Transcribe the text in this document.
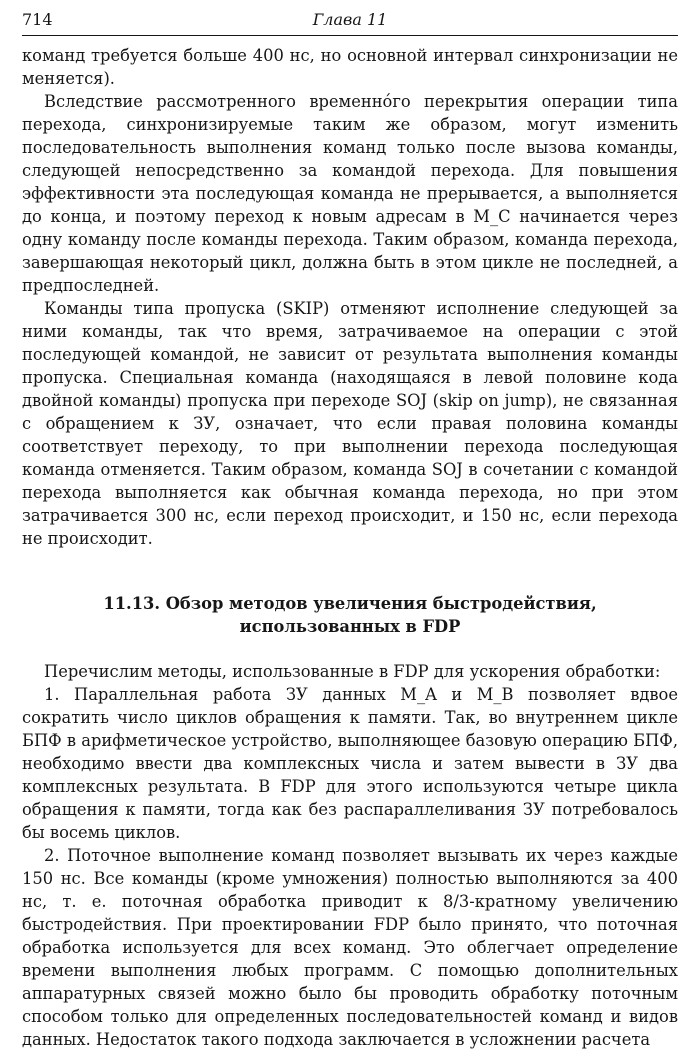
714	Глава 11

команд требуется больше 400 нс, но основной интервал синхронизации не меняется).

Вследствие рассмотренного временнóго перекрытия операции типа перехода, синхронизируемые таким же образом, могут изменить последовательность выполнения команд только после вызова команды, следующей непосредственно за командой перехода. Для повышения эффективности эта последующая команда не прерывается, а выполняется до конца, и поэтому переход к новым адресам в M_C начинается через одну команду после команды перехода. Таким образом, команда перехода, завершающая некоторый цикл, должна быть в этом цикле не последней, а предпоследней.

Команды типа пропуска (SKIP) отменяют исполнение следующей за ними команды, так что время, затрачиваемое на операции с этой последующей командой, не зависит от результата выполнения команды пропуска. Специальная команда (находящаяся в левой половине кода двойной команды) пропуска при переходе SOJ (skip on jump), не связанная с обращением к ЗУ, означает, что если правая половина команды соответствует переходу, то при выполнении перехода последующая команда отменяется. Таким образом, команда SOJ в сочетании с командой перехода выполняется как обычная команда перехода, но при этом затрачивается 300 нс, если переход происходит, и 150 нс, если перехода не происходит.

11.13. Обзор методов увеличения быстродействия,
использованных в FDP

Перечислим методы, использованные в FDP для ускорения обработки:

1. Параллельная работа ЗУ данных M_A и M_B позволяет вдвое сократить число циклов обращения к памяти. Так, во внутреннем цикле БПФ в арифметическое устройство, выполняющее базовую операцию БПФ, необходимо ввести два комплексных числа и затем вывести в ЗУ два комплексных результата. В FDP для этого используются четыре цикла обращения к памяти, тогда как без распараллеливания ЗУ потребовалось бы восемь циклов.

2. Поточное выполнение команд позволяет вызывать их через каждые 150 нс. Все команды (кроме умножения) полностью выполняются за 400 нс, т. е. поточная обработка приводит к 8/3-кратному увеличению быстродействия. При проектировании FDP было принято, что поточная обработка используется для всех команд. Это облегчает определение времени выполнения любых программ. С помощью дополнительных аппаратурных связей можно было бы проводить обработку поточным способом только для определенных последовательностей команд и видов данных. Недостаток такого подхода заключается в усложнении расчета
